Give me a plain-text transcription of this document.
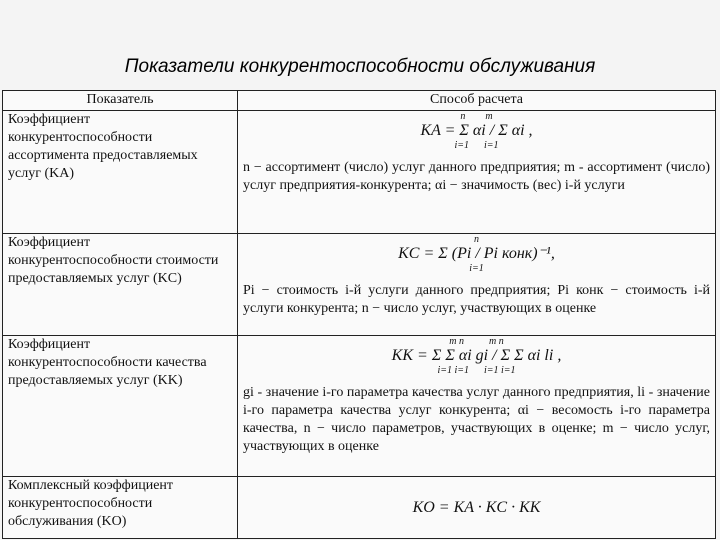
Показатели конкурентоспособности обслуживания
Показатель	Способ расчета
Коэффициент конкурентоспособности ассортимента предоставляемых услуг (KA)	n        m
KA = Σ αi / Σ αi ,
i=1      i=1
n − ассортимент (число) услуг данного предприятия; m - ассортимент (число) услуг предприятия-конкурента; αi − значимость (вес) i-й услуги

Коэффициент конкурентоспособности стоимости предоставляемых услуг (KC)	n
KC = Σ (Pi / Pi конк)⁻¹,
i=1
Pi − стоимость i-й услуги данного предприятия; Pi конк − стоимость i-й услуги конкурента; n − число услуг, участвующих в оценке

Коэффициент конкурентоспособности качества предоставляемых услуг (KK)	m n          m n
KK = Σ Σ αi gi / Σ Σ αi li ,
i=1 i=1      i=1 i=1
gi - значение i-го параметра качества услуг данного предприятия, li - значение i-го параметра качества услуг конкурента; αi − весомость i-го параметра качества, n − число параметров, участвующих в оценке; m − число услуг, участвующих в оценке

Комплексный коэффициент конкурентоспособности обслуживания (KO)	KO = KA · KC · KK
